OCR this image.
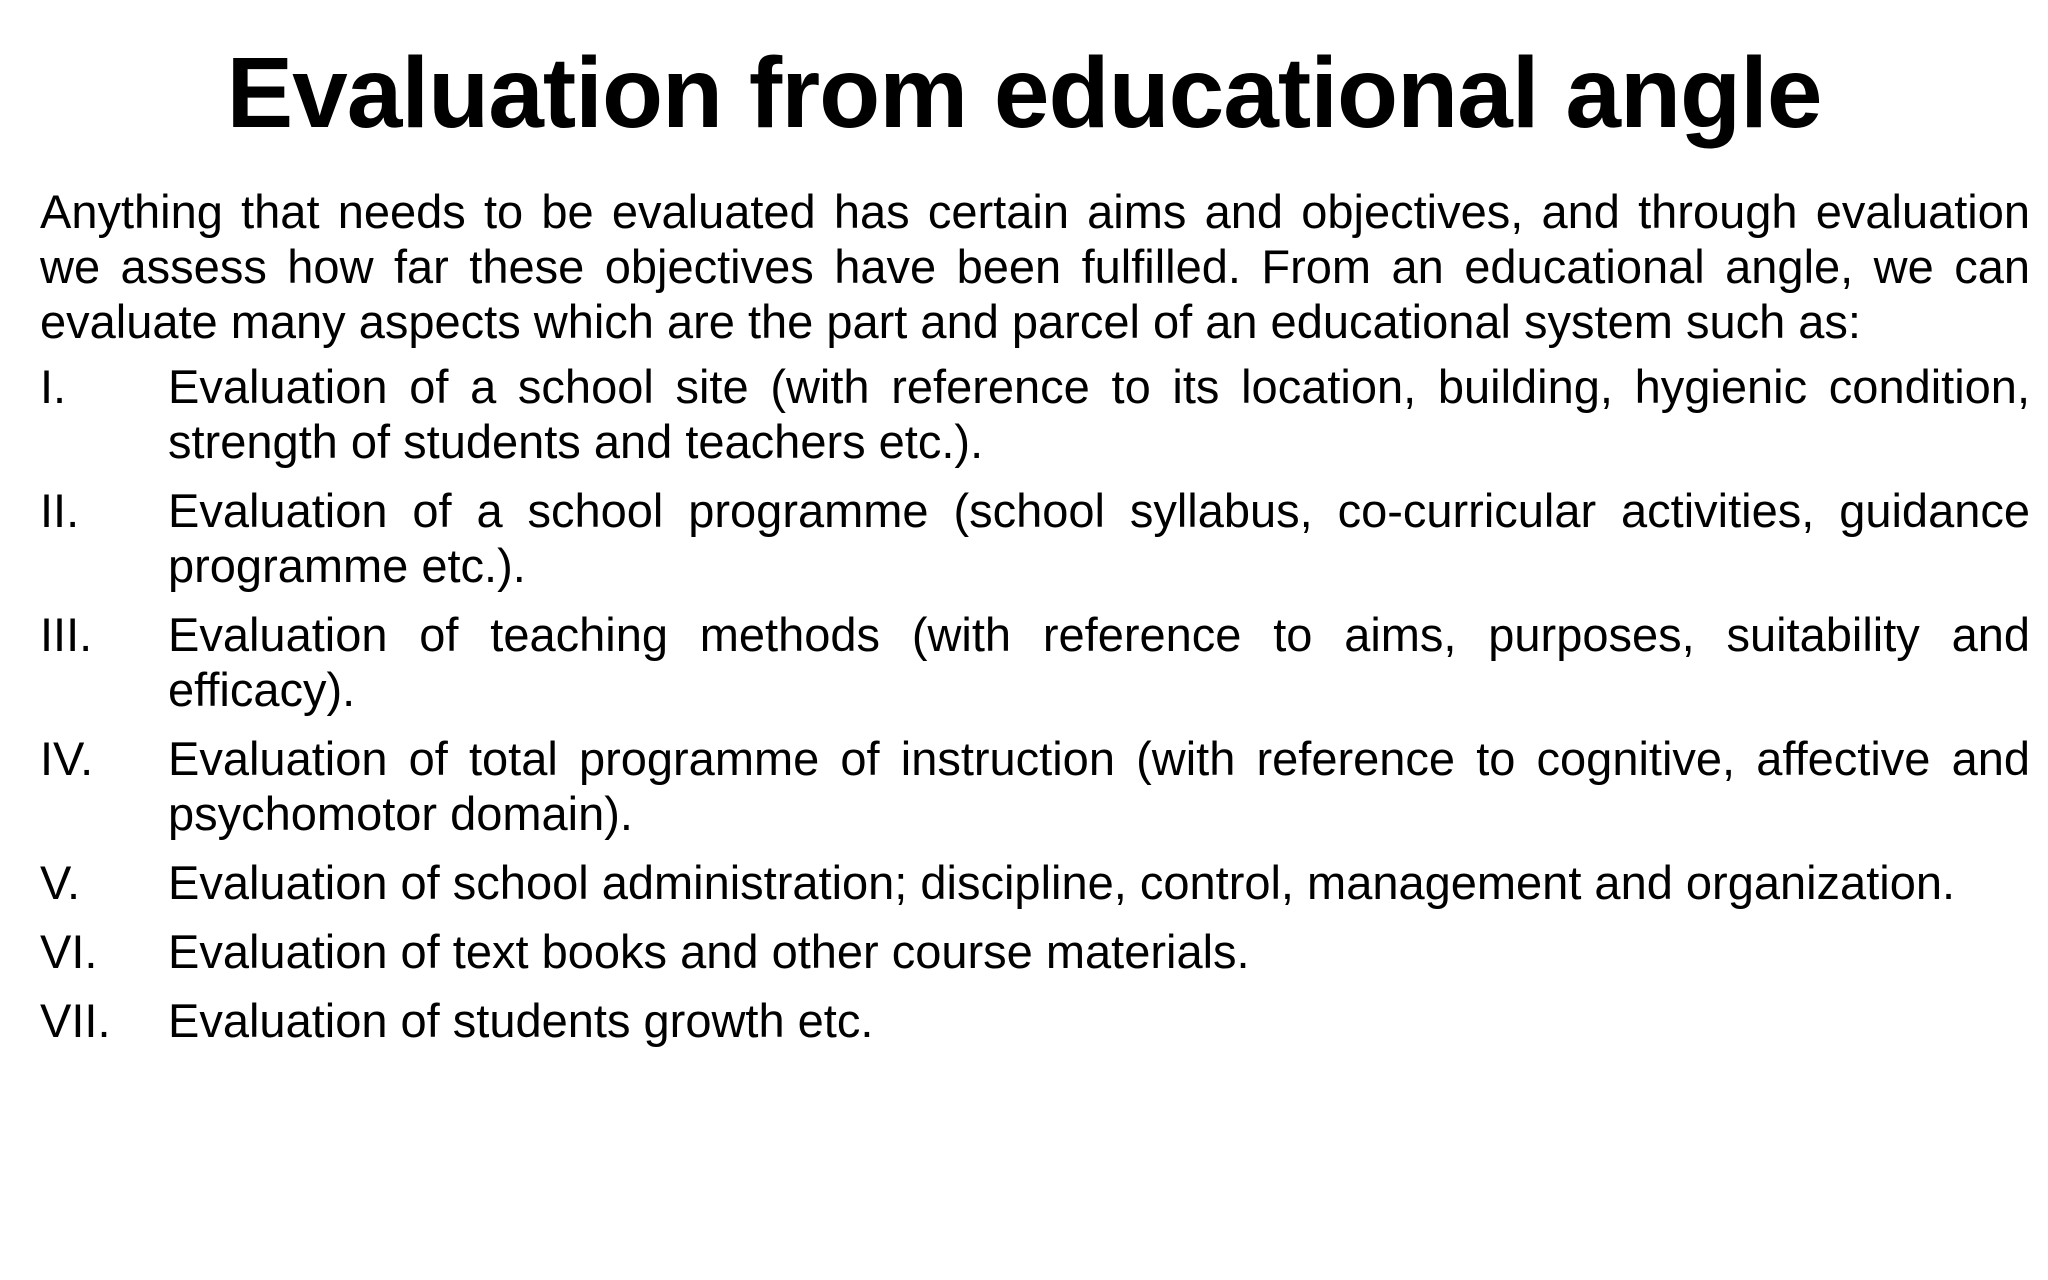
Evaluation from educational angle

Anything that needs to be evaluated has certain aims and objectives, and through evaluation we assess how far these objectives have been fulfilled. From an educational angle, we can evaluate many aspects which are the part and parcel of an educational system such as:

I.	Evaluation of a school site (with reference to its location, building, hygienic condition, strength of students and teachers etc.).
II.	Evaluation of a school programme (school syllabus, co-curricular activities, guidance programme etc.).
III.	Evaluation of teaching methods (with reference to aims, purposes, suitability and efficacy).
IV.	Evaluation of total programme of instruction (with reference to cognitive, affective and psychomotor domain).
V.	Evaluation of school administration; discipline, control, management and organization.
VI.	Evaluation of text books and other course materials.
VII.	Evaluation of students growth etc.
